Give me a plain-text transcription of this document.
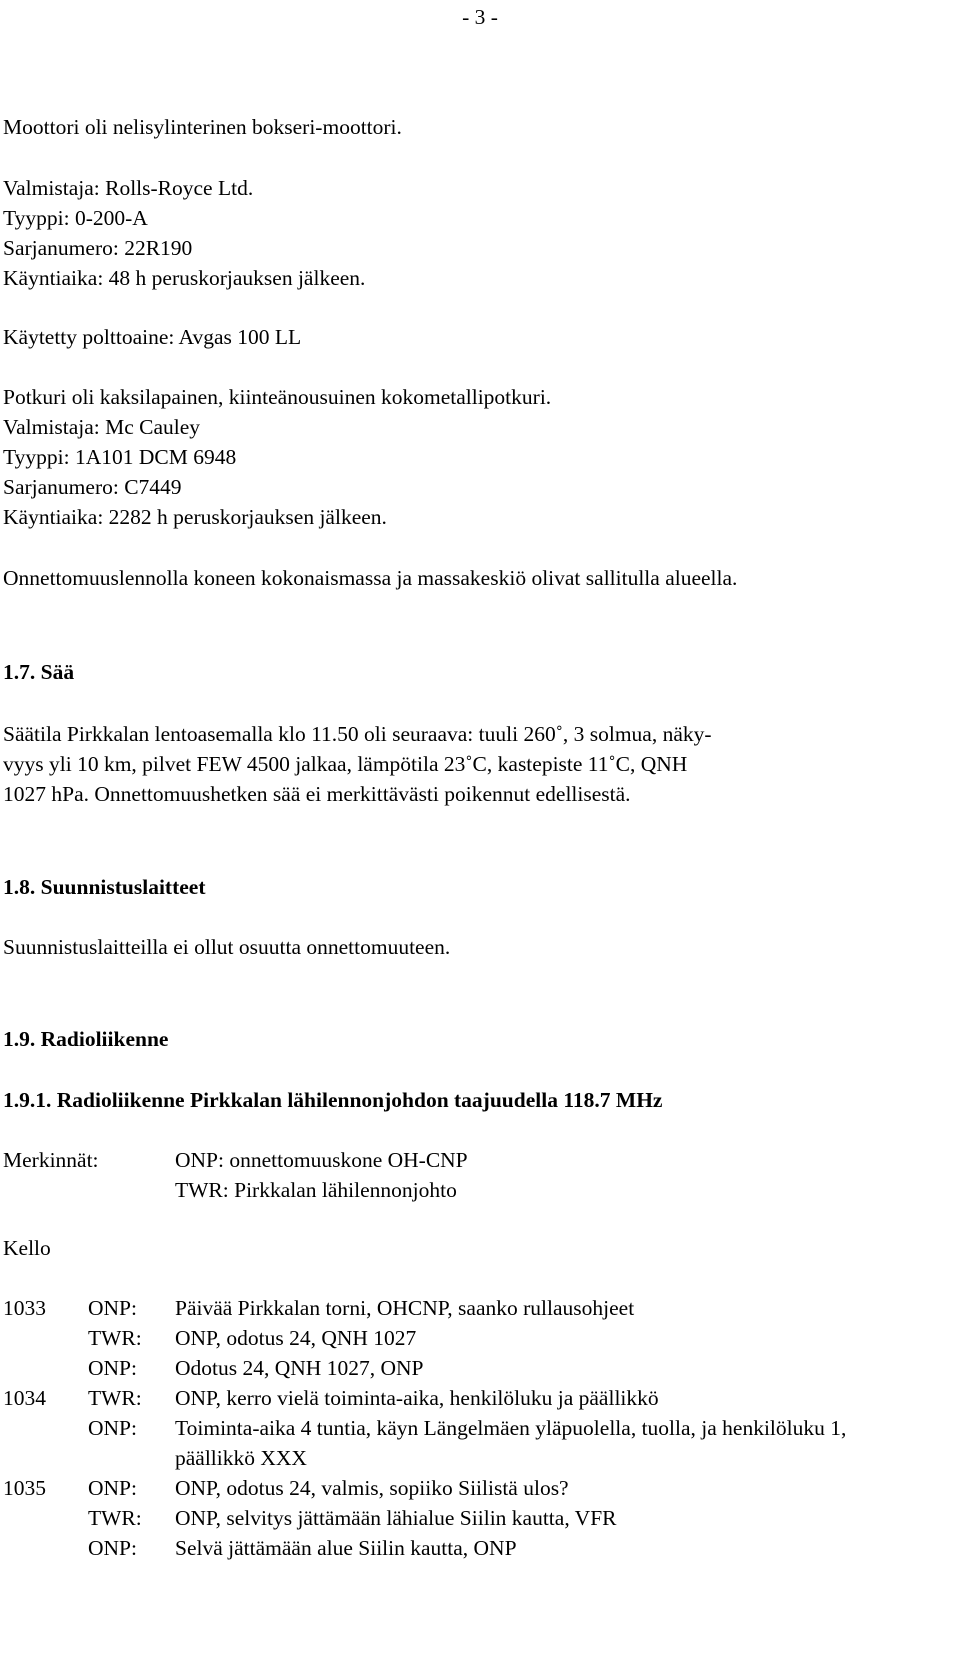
- 3 -
Moottori oli nelisylinterinen bokseri-moottori.
Valmistaja: Rolls-Royce Ltd.
Tyyppi: 0-200-A
Sarjanumero: 22R190
Käyntiaika: 48 h peruskorjauksen jälkeen.
Käytetty polttoaine: Avgas 100 LL
Potkuri oli kaksilapainen, kiinteänousuinen kokometallipotkuri.
Valmistaja: Mc Cauley
Tyyppi: 1A101 DCM 6948
Sarjanumero: C7449
Käyntiaika: 2282 h peruskorjauksen jälkeen.
Onnettomuuslennolla koneen kokonaismassa ja massakeskiö olivat sallitulla alueella.
1.7. Sää
Säätila Pirkkalan lentoasemalla klo 11.50 oli seuraava: tuuli 260˚, 3 solmua, näky-
vyys yli 10 km, pilvet FEW 4500 jalkaa, lämpötila 23˚C, kastepiste 11˚C, QNH
1027 hPa. Onnettomuushetken sää ei merkittävästi poikennut edellisestä.
1.8. Suunnistuslaitteet
Suunnistuslaitteilla ei ollut osuutta onnettomuuteen.
1.9. Radioliikenne
1.9.1. Radioliikenne Pirkkalan lähilennonjohdon taajuudella 118.7 MHz
Merkinnät:	ONP: onnettomuuskone OH-CNP
TWR: Pirkkalan lähilennonjohto
Kello
1033 ONP: Päivää Pirkkalan torni, OHCNP, saanko rullausohjeet
TWR: ONP, odotus 24, QNH 1027
ONP: Odotus 24, QNH 1027, ONP
1034 TWR: ONP, kerro vielä toiminta-aika, henkilöluku ja päällikkö
ONP: Toiminta-aika 4 tuntia, käyn Längelmäen yläpuolella, tuolla, ja henkilöluku 1, päällikkö XXX
1035 ONP: ONP, odotus 24, valmis, sopiiko Siilistä ulos?
TWR: ONP, selvitys jättämään lähialue Siilin kautta, VFR
ONP: Selvä jättämään alue Siilin kautta, ONP
